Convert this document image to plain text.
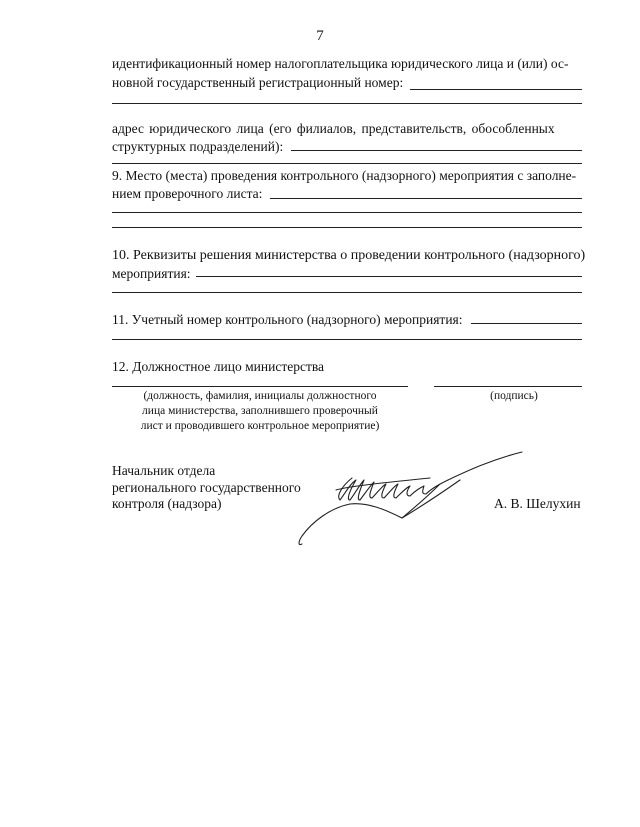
7
идентификационный номер налогоплательщика юридического лица и (или) ос-
новной государственный регистрационный номер:
адрес юридического лица (его филиалов, представительств, обособленных
структурных подразделений):
9. Место (места) проведения контрольного (надзорного) мероприятия с заполне-
нием проверочного листа:
10. Реквизиты решения министерства о проведении контрольного (надзорного)
мероприятия:
11. Учетный номер контрольного (надзорного) мероприятия:
12. Должностное лицо министерства
(должность, фамилия, инициалы должностного
лица министерства, заполнившего проверочный
лист и проводившего контрольное мероприятие)
(подпись)
Начальник отдела
регионального государственного
контроля (надзора)	А. В. Шелухин
